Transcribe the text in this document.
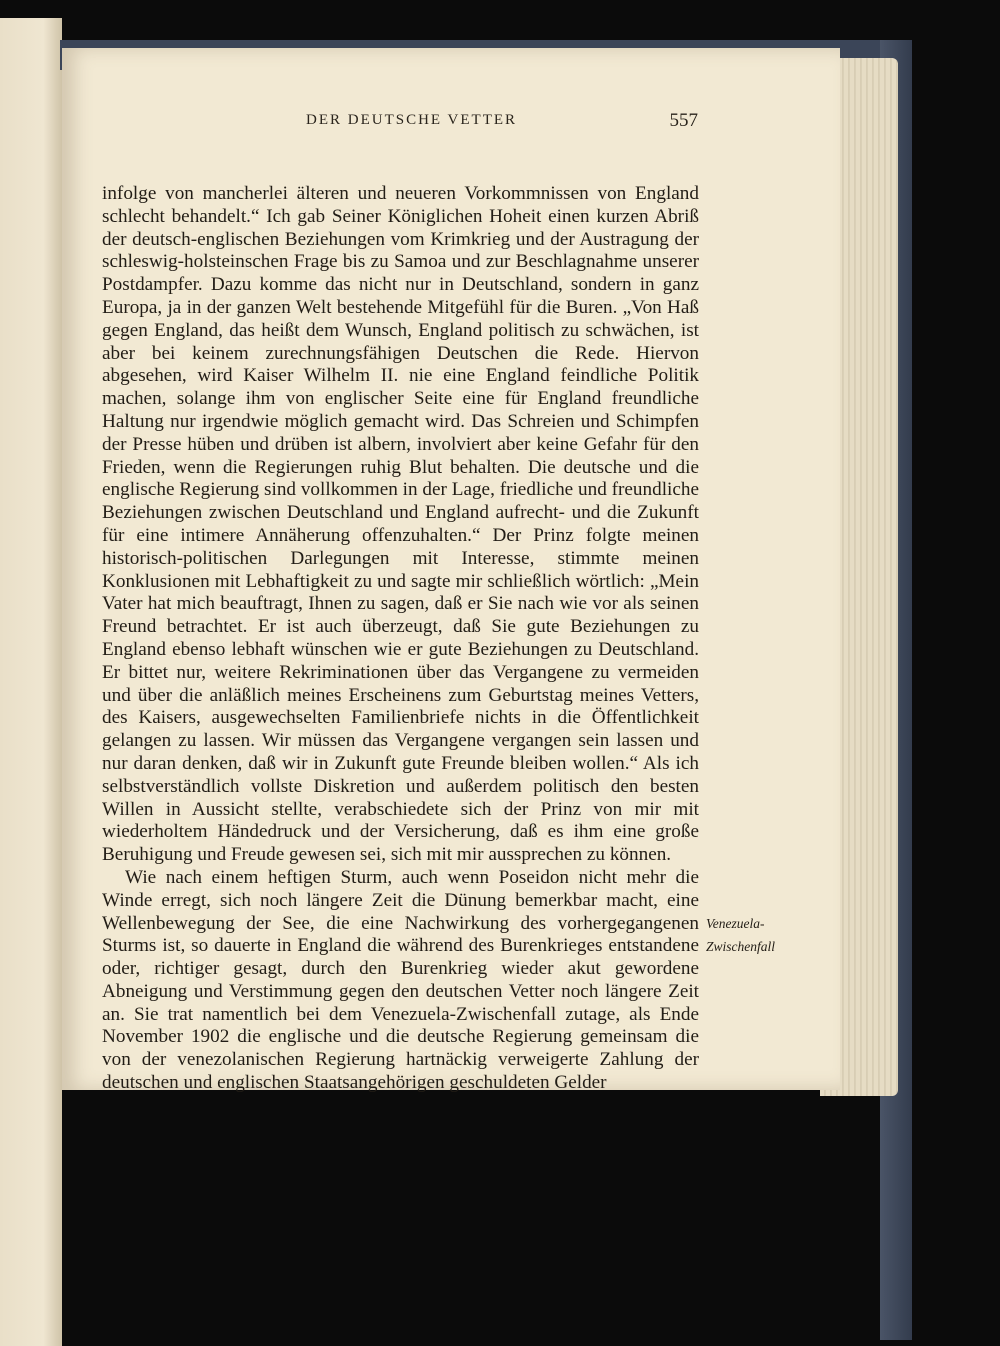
DER DEUTSCHE VETTER	557

infolge von mancherlei älteren und neueren Vorkommnissen von England schlecht behandelt.“ Ich gab Seiner Königlichen Hoheit einen kurzen Abriß der deutsch-englischen Beziehungen vom Krimkrieg und der Austragung der schleswig-holsteinschen Frage bis zu Samoa und zur Beschlagnahme unserer Postdampfer. Dazu komme das nicht nur in Deutschland, sondern in ganz Europa, ja in der ganzen Welt bestehende Mitgefühl für die Buren. „Von Haß gegen England, das heißt dem Wunsch, England politisch zu schwächen, ist aber bei keinem zurechnungsfähigen Deutschen die Rede. Hiervon abgesehen, wird Kaiser Wilhelm II. nie eine England feindliche Politik machen, solange ihm von englischer Seite eine für England freundliche Haltung nur irgendwie möglich gemacht wird. Das Schreien und Schimpfen der Presse hüben und drüben ist albern, involviert aber keine Gefahr für den Frieden, wenn die Regierungen ruhig Blut behalten. Die deutsche und die englische Regierung sind vollkommen in der Lage, friedliche und freundliche Beziehungen zwischen Deutschland und England aufrecht- und die Zukunft für eine intimere Annäherung offenzuhalten.“ Der Prinz folgte meinen historisch-politischen Darlegungen mit Interesse, stimmte meinen Konklusionen mit Lebhaftigkeit zu und sagte mir schließlich wörtlich: „Mein Vater hat mich beauftragt, Ihnen zu sagen, daß er Sie nach wie vor als seinen Freund betrachtet. Er ist auch überzeugt, daß Sie gute Beziehungen zu England ebenso lebhaft wünschen wie er gute Beziehungen zu Deutschland. Er bittet nur, weitere Rekriminationen über das Vergangene zu vermeiden und über die anläßlich meines Erscheinens zum Geburtstag meines Vetters, des Kaisers, ausgewechselten Familienbriefe nichts in die Öffentlichkeit gelangen zu lassen. Wir müssen das Vergangene vergangen sein lassen und nur daran denken, daß wir in Zukunft gute Freunde bleiben wollen.“ Als ich selbstverständlich vollste Diskretion und außerdem politisch den besten Willen in Aussicht stellte, verabschiedete sich der Prinz von mir mit wiederholtem Händedruck und der Versicherung, daß es ihm eine große Beruhigung und Freude gewesen sei, sich mit mir aussprechen zu können.

Wie nach einem heftigen Sturm, auch wenn Poseidon nicht mehr die Winde erregt, sich noch längere Zeit die Dünung bemerkbar macht, eine Wellenbewegung der See, die eine Nachwirkung des vorhergegangenen Sturms ist, so dauerte in England die während des Burenkrieges entstandene oder, richtiger gesagt, durch den Burenkrieg wieder akut gewordene Abneigung und Verstimmung gegen den deutschen Vetter noch längere Zeit an. Sie trat namentlich bei dem Venezuela-Zwischenfall zutage, als Ende November 1902 die englische und die deutsche Regierung gemeinsam die von der venezolanischen Regierung hartnäckig verweigerte Zahlung der deutschen und englischen Staatsangehörigen geschuldeten Gelder

Venezuela-
Zwischenfall
